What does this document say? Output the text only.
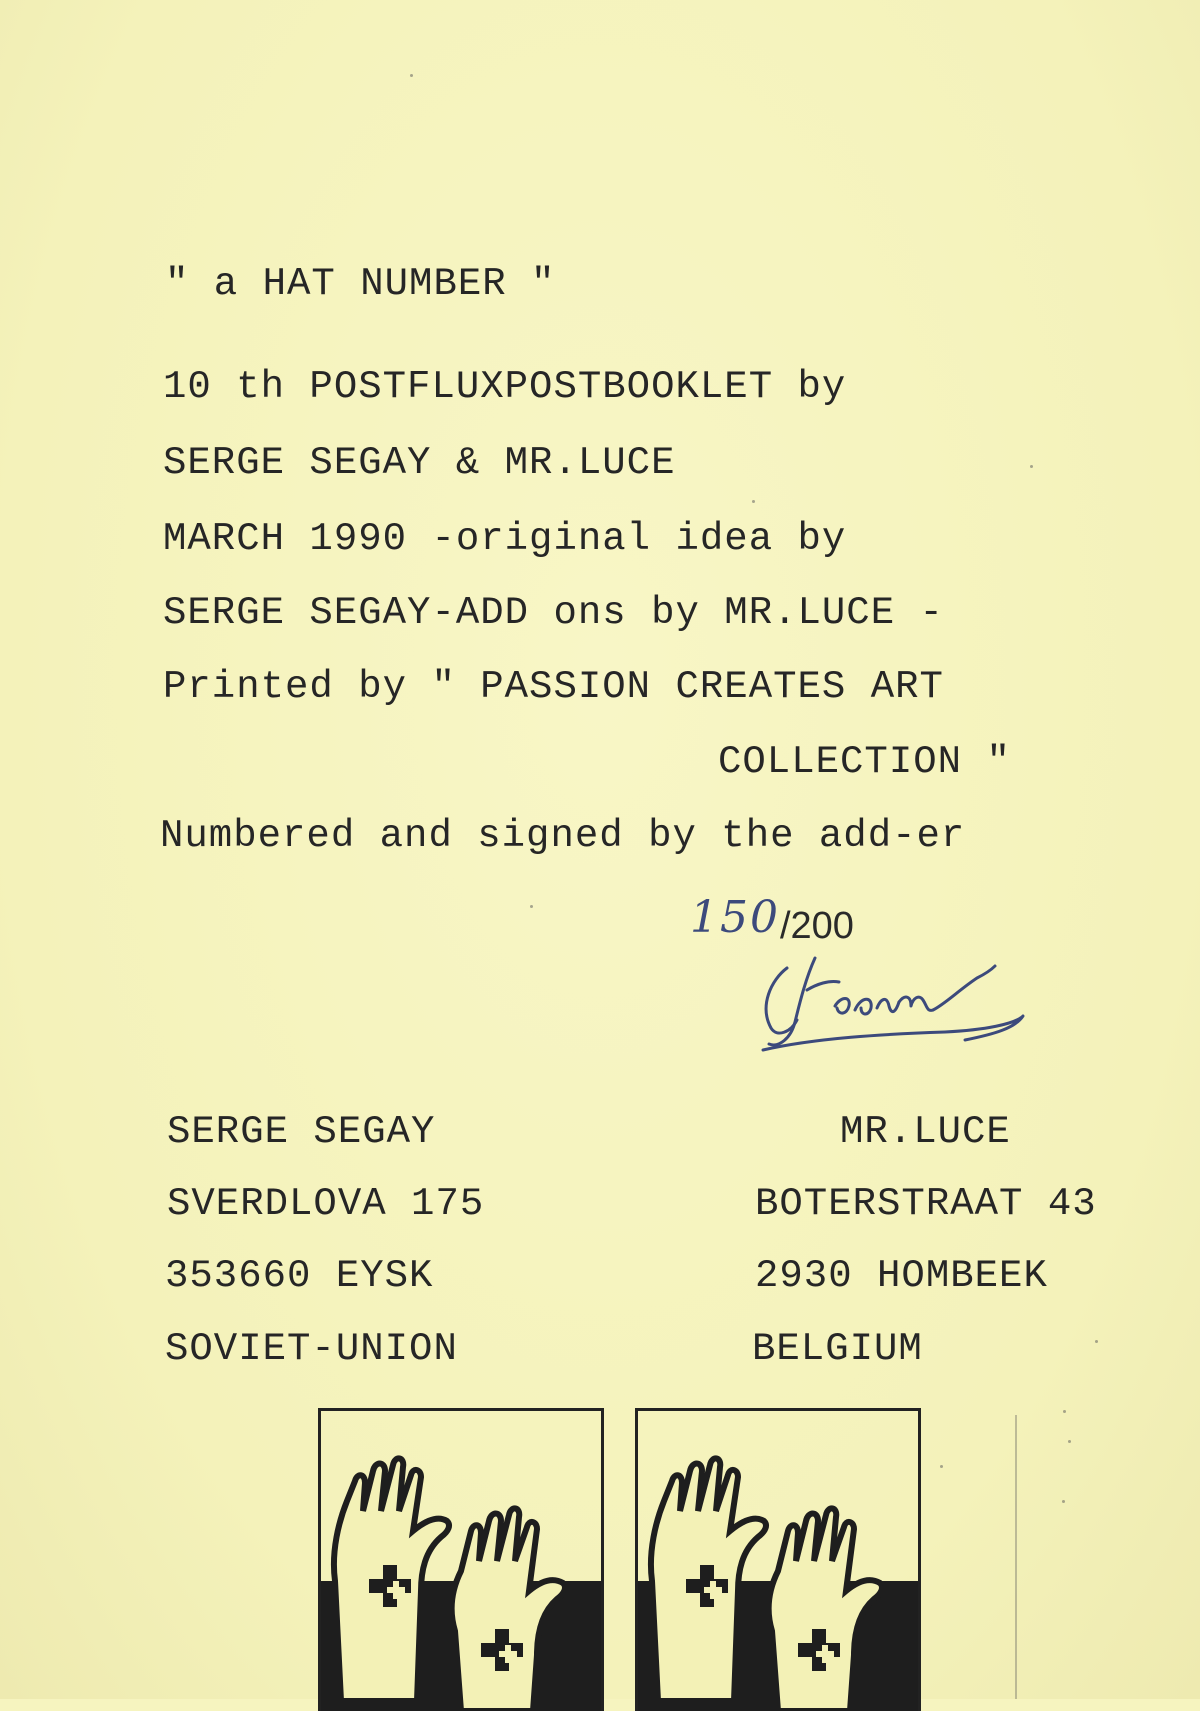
" a HAT NUMBER "
10 th POSTFLUXPOSTBOOKLET by
SERGE SEGAY & MR.LUCE
MARCH 1990 -original idea by
SERGE SEGAY-ADD ons by MR.LUCE -
Printed by " PASSION CREATES ART
COLLECTION "
Numbered and signed by the add-er
150/200
SERGE SEGAY
SVERDLOVA 175
353660 EYSK
SOVIET-UNION
MR.LUCE
BOTERSTRAAT 43
2930 HOMBEEK
BELGIUM
